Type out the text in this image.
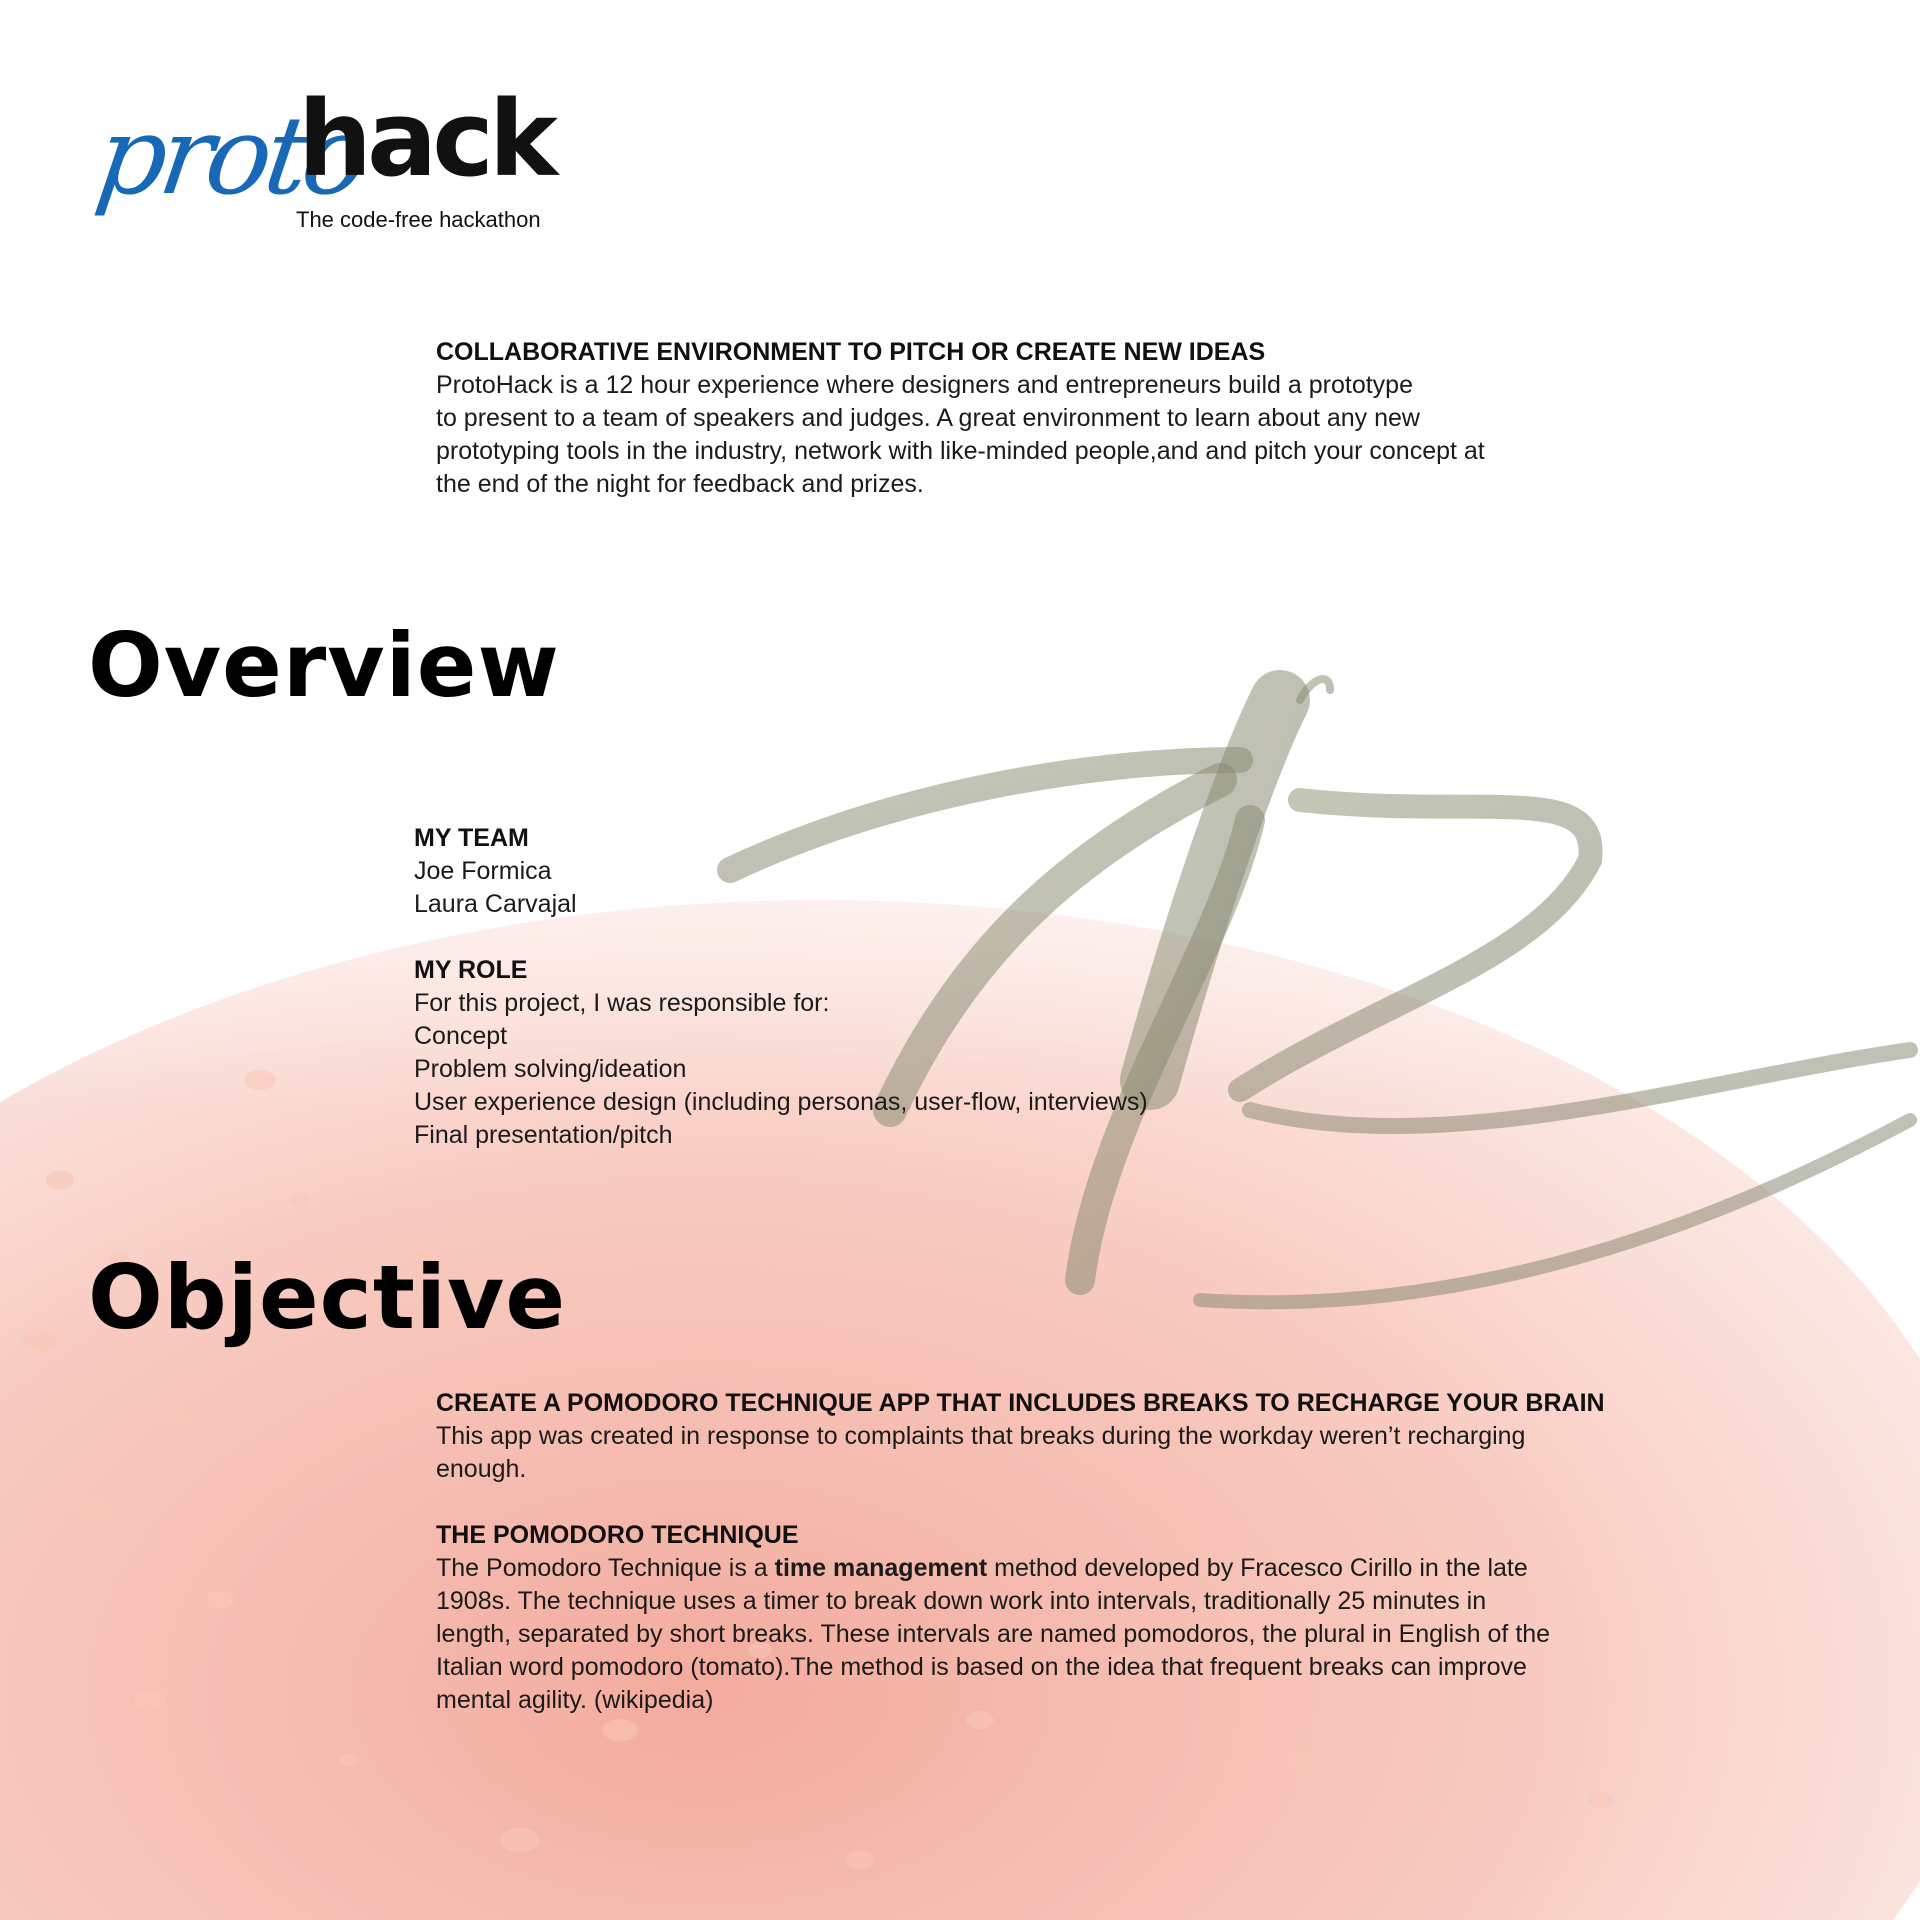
proto
hack
The code-free hackathon

COLLABORATIVE ENVIRONMENT TO PITCH OR CREATE NEW IDEAS

ProtoHack is a 12 hour experience where designers and entrepreneurs build a prototype

to present to a team of speakers and judges. A great environment to learn about any new

prototyping tools in the industry, network with like-minded people,and and pitch your concept at

the end of the night for feedback and prizes.

Overview

MY TEAM

Joe Formica

Laura Carvajal

MY ROLE

For this project, I was responsible for:

Concept

Problem solving/ideation

User experience design (including personas, user-flow, interviews)

Final presentation/pitch

Objective

CREATE A POMODORO TECHNIQUE APP THAT INCLUDES BREAKS TO RECHARGE YOUR BRAIN

This app was created in response to complaints that breaks during the workday weren’t recharging

enough.

THE POMODORO TECHNIQUE

The Pomodoro Technique is a time management method developed by Fracesco Cirillo in the late

1908s. The technique uses a timer to break down work into intervals, traditionally 25 minutes in

length, separated by short breaks. These intervals are named pomodoros, the plural in English of the

Italian word pomodoro (tomato).The method is based on the idea that frequent breaks can improve

mental agility. (wikipedia)
